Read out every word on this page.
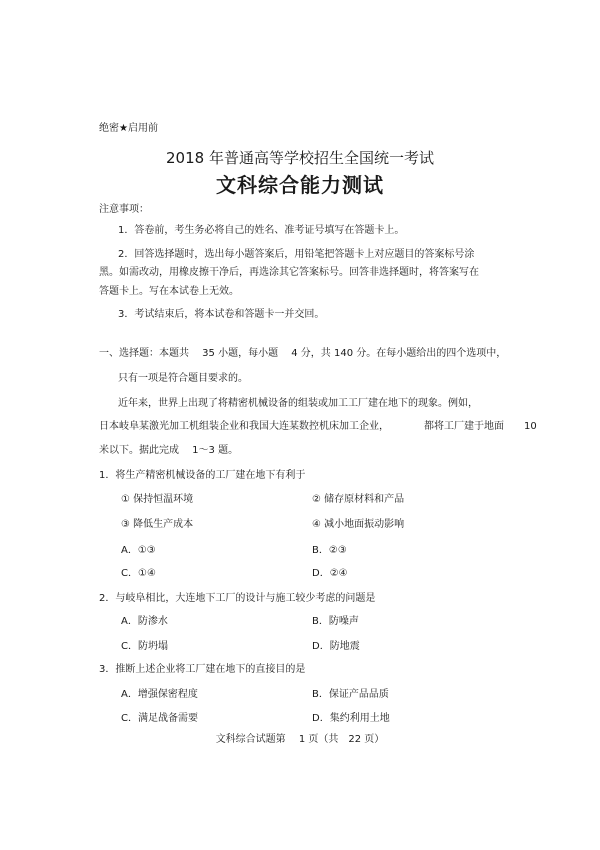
绝密★启用前
2018 年普通高等学校招生全国统一考试
文科综合能力测试
注意事项：
1．答卷前，考生务必将自己的姓名、准考证号填写在答题卡上。
2．回答选择题时，选出每小题答案后，用铅笔把答题卡上对应题目的答案标号涂
黑。如需改动，用橡皮擦干净后，再选涂其它答案标号。回答非选择题时，将答案写在
答题卡上。写在本试卷上无效。
3．考试结束后，将本试卷和答题卡一并交回。
一、选择题：本题共　 35 小题，每小题　 4 分，共 140 分。在每小题给出的四个选项中，
只有一项是符合题目要求的。
近年来，世界上出现了将精密机械设备的组装或加工工厂建在地下的现象。例如，
日本岐阜某激光加工机组装企业和我国大连某数控机床加工企业，　　　　都将工厂建于地面　　10
米以下。据此完成　 1～3 题。
1．将生产精密机械设备的工厂建在地下有利于
① 保持恒温环境	② 储存原材料和产品
③ 降低生产成本	④ 减小地面振动影响
A．①③	B．②③
C．①④	D．②④
2．与岐阜相比，大连地下工厂的设计与施工较少考虑的问题是
A．防渗水	B．防噪声
C．防坍塌	D．防地震
3．推断上述企业将工厂建在地下的直接目的是
A．增强保密程度	B．保证产品品质
C．满足战备需要	D．集约利用土地
文科综合试题第　 1 页（共　22 页）
